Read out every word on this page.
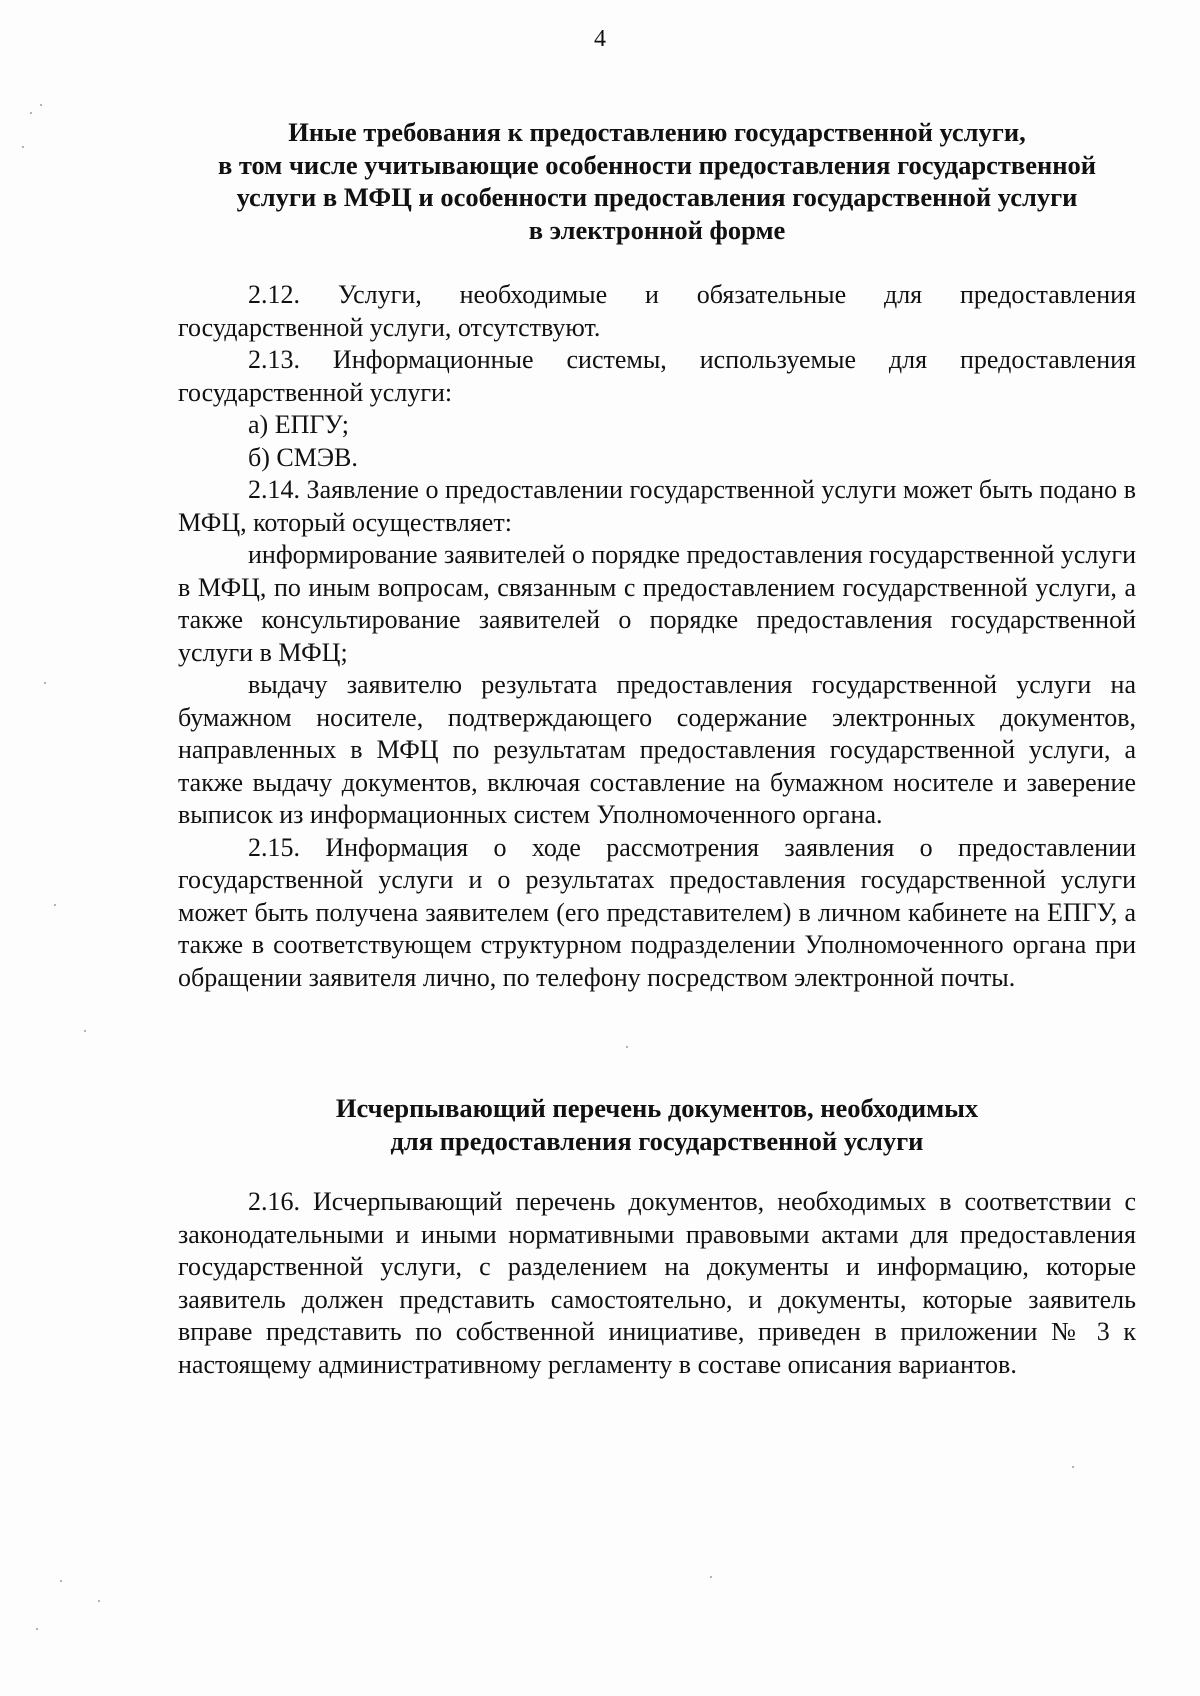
4
Иные требования к предоставлению государственной услуги,
в том числе учитывающие особенности предоставления государственной
услуги в МФЦ и особенности предоставления государственной услуги
в электронной форме

2.12. Услуги, необходимые и обязательные для предоставления государственной услуги, отсутствуют.

2.13. Информационные системы, используемые для предоставления государственной услуги:

а) ЕПГУ;

б) СМЭВ.

2.14. Заявление о предоставлении государственной услуги может быть подано в МФЦ, который осуществляет:

информирование заявителей о порядке предоставления государственной услуги в МФЦ, по иным вопросам, связанным с предоставлением государственной услуги, а также консультирование заявителей о порядке предоставления государственной услуги в МФЦ;

выдачу заявителю результата предоставления государственной услуги на бумажном носителе, подтверждающего содержание электронных документов, направленных в МФЦ по результатам предоставления государственной услуги, а также выдачу документов, включая составление на бумажном носителе и заверение выписок из информационных систем Уполномоченного органа.

2.15. Информация о ходе рассмотрения заявления о предоставлении государственной услуги и о результатах предоставления государственной услуги может быть получена заявителем (его представителем) в личном кабинете на ЕПГУ, а также в соответствующем структурном подразделении Уполномоченного органа при обращении заявителя лично, по телефону посредством электронной почты.

Исчерпывающий перечень документов, необходимых
для предоставления государственной услуги

2.16. Исчерпывающий перечень документов, необходимых в соответствии с законодательными и иными нормативными правовыми актами для предоставления государственной услуги, с разделением на документы и информацию, которые заявитель должен представить самостоятельно, и документы, которые заявитель вправе представить по собственной инициативе, приведен в приложении № 3 к настоящему административному регламенту в составе описания вариантов.
